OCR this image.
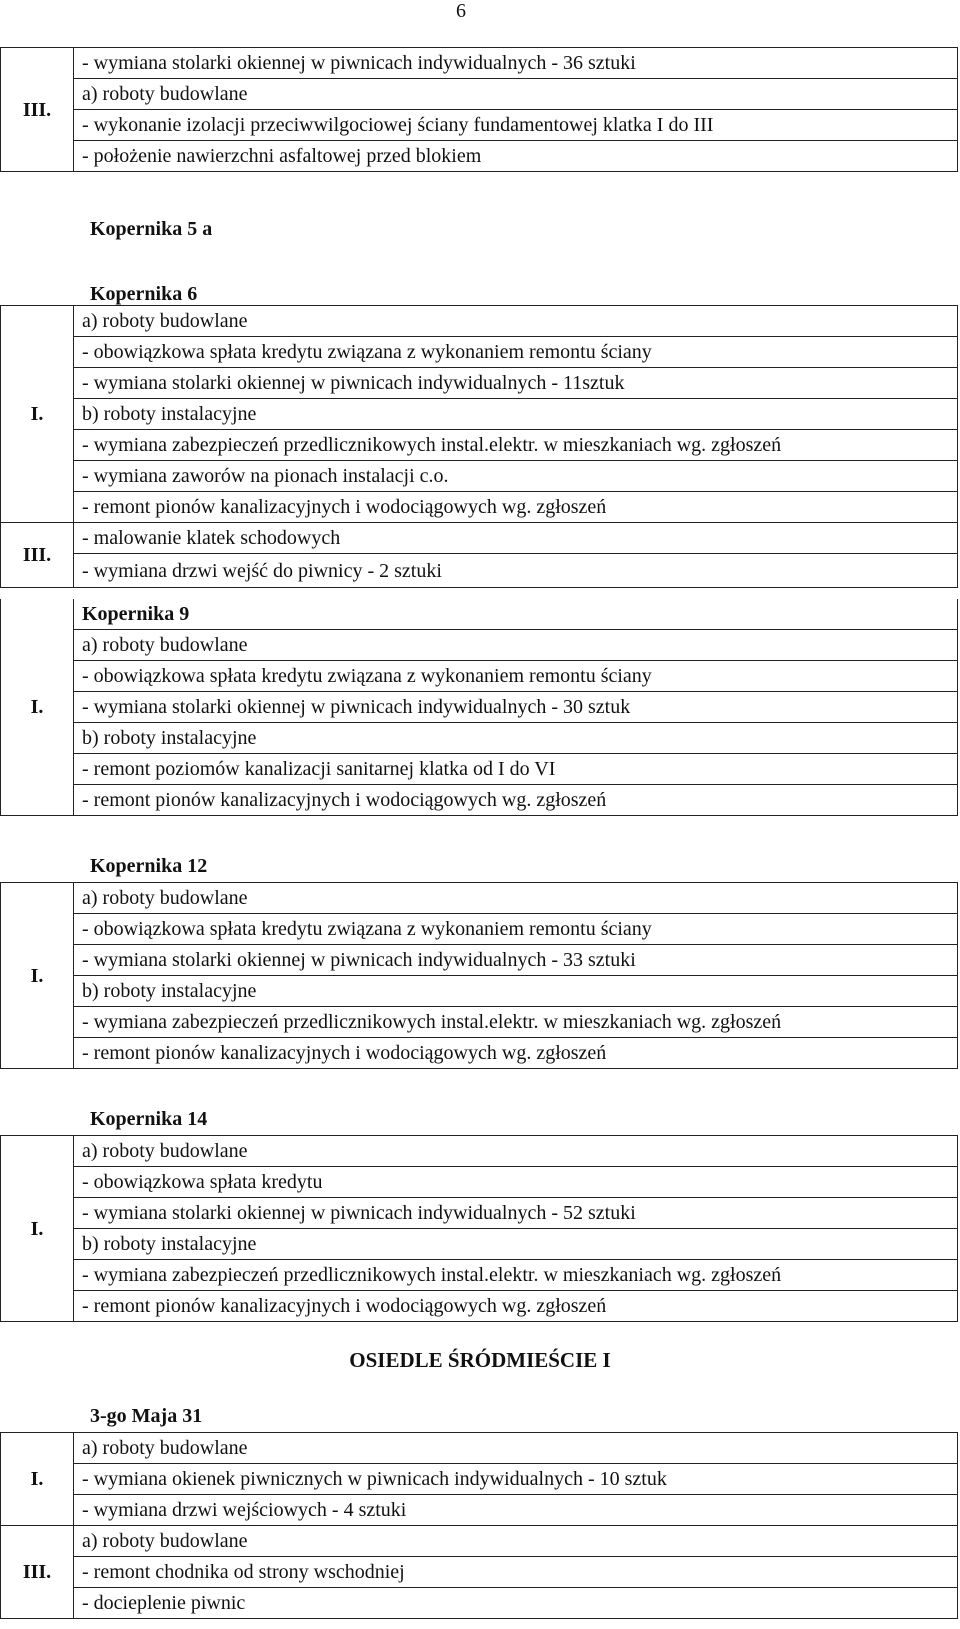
6
III.	- wymiana stolarki okiennej w piwnicach indywidualnych - 36 sztuki
a) roboty budowlane
- wykonanie izolacji przeciwwilgociowej ściany fundamentowej klatka I do III
- położenie nawierzchni asfaltowej przed blokiem
Kopernika 5 a
Kopernika 6
I.	a) roboty budowlane
	- obowiązkowa spłata kredytu związana z wykonaniem remontu ściany
	- wymiana stolarki okiennej w piwnicach indywidualnych - 11sztuk
	b) roboty instalacyjne
	- wymiana zabezpieczeń przedlicznikowych instal.elektr. w mieszkaniach wg. zgłoszeń
	- wymiana zaworów na pionach instalacji c.o.
	- remont pionów kanalizacyjnych i wodociągowych wg. zgłoszeń
III.	- malowanie klatek schodowych
	- wymiana drzwi wejść do piwnicy - 2 sztuki
I.	Kopernika 9
a) roboty budowlane
- obowiązkowa spłata kredytu związana z wykonaniem remontu ściany
- wymiana stolarki okiennej w piwnicach indywidualnych - 30 sztuk
b) roboty instalacyjne
- remont poziomów kanalizacji sanitarnej klatka od I do VI
- remont pionów kanalizacyjnych i wodociągowych wg. zgłoszeń
Kopernika 12
I.	a) roboty budowlane
- obowiązkowa spłata kredytu związana z wykonaniem remontu ściany
- wymiana stolarki okiennej w piwnicach indywidualnych - 33 sztuki
b) roboty instalacyjne
- wymiana zabezpieczeń przedlicznikowych instal.elektr. w mieszkaniach wg. zgłoszeń
- remont pionów kanalizacyjnych i wodociągowych wg. zgłoszeń
Kopernika 14
I.	a) roboty budowlane
- obowiązkowa spłata kredytu
- wymiana stolarki okiennej w piwnicach indywidualnych - 52 sztuki
b) roboty instalacyjne
- wymiana zabezpieczeń przedlicznikowych instal.elektr. w mieszkaniach wg. zgłoszeń
- remont pionów kanalizacyjnych i wodociągowych wg. zgłoszeń
OSIEDLE ŚRÓDMIEŚCIE I
3-go Maja 31
I.	a) roboty budowlane
	- wymiana okienek piwnicznych w piwnicach indywidualnych - 10 sztuk
	- wymiana drzwi wejściowych - 4 sztuki
III.	a) roboty budowlane
	- remont chodnika od strony wschodniej
	- docieplenie piwnic
